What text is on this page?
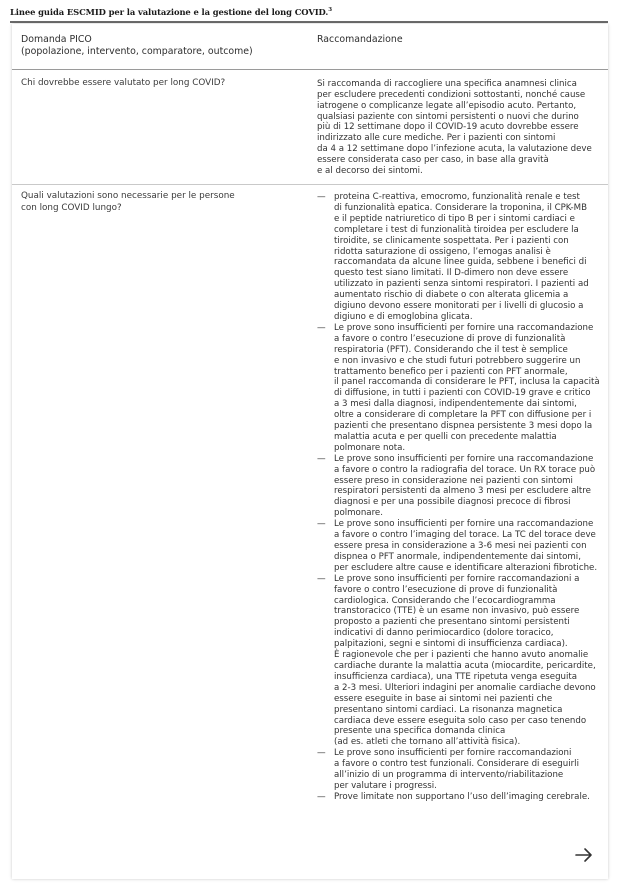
Linee guida ESCMID per la valutazione e la gestione del long COVID.$^3$
Domanda PICO
(popolazione, intervento, comparatore, outcome)
Raccomandazione
Chi dovrebbe essere valutato per long COVID?	Si raccomanda di raccogliere una specifica anamnesi clinica
per escludere precedenti condizioni sottostanti, nonché cause
iatrogene o complicanze legate all’episodio acuto. Pertanto,
qualsiasi paziente con sintomi persistenti o nuovi che durino
più di 12 settimane dopo il COVID-19 acuto dovrebbe essere
indirizzato alle cure mediche. Per i pazienti con sintomi
da 4 a 12 settimane dopo l’infezione acuta, la valutazione deve
essere considerata caso per caso, in base alla gravità
e al decorso dei sintomi.
Quali valutazioni sono necessarie per le persone
con long COVID lungo?
— proteina C-reattiva, emocromo, funzionalità renale e test
di funzionalità epatica. Considerare la troponina, il CPK-MB
e il peptide natriuretico di tipo B per i sintomi cardiaci e
completare i test di funzionalità tiroidea per escludere la
tiroidite, se clinicamente sospettata. Per i pazienti con
ridotta saturazione di ossigeno, l’emogas analisi è
raccomandata da alcune linee guida, sebbene i benefici di
questo test siano limitati. Il D-dimero non deve essere
utilizzato in pazienti senza sintomi respiratori. I pazienti ad
aumentato rischio di diabete o con alterata glicemia a
digiuno devono essere monitorati per i livelli di glucosio a
digiuno e di emoglobina glicata.
— Le prove sono insufficienti per fornire una raccomandazione
a favore o contro l’esecuzione di prove di funzionalità
respiratoria (PFT). Considerando che il test è semplice
e non invasivo e che studi futuri potrebbero suggerire un
trattamento benefico per i pazienti con PFT anormale,
il panel raccomanda di considerare le PFT, inclusa la capacità
di diffusione, in tutti i pazienti con COVID-19 grave e critico
a 3 mesi dalla diagnosi, indipendentemente dai sintomi,
oltre a considerare di completare la PFT con diffusione per i
pazienti che presentano dispnea persistente 3 mesi dopo la
malattia acuta e per quelli con precedente malattia
polmonare nota.
— Le prove sono insufficienti per fornire una raccomandazione
a favore o contro la radiografia del torace. Un RX torace può
essere preso in considerazione nei pazienti con sintomi
respiratori persistenti da almeno 3 mesi per escludere altre
diagnosi e per una possibile diagnosi precoce di fibrosi
polmonare.
— Le prove sono insufficienti per fornire una raccomandazione
a favore o contro l’imaging del torace. La TC del torace deve
essere presa in considerazione a 3-6 mesi nei pazienti con
dispnea o PFT anormale, indipendentemente dai sintomi,
per escludere altre cause e identificare alterazioni fibrotiche.
— Le prove sono insufficienti per fornire raccomandazioni a
favore o contro l’esecuzione di prove di funzionalità
cardiologica. Considerando che l’ecocardiogramma
transtoracico (TTE) è un esame non invasivo, può essere
proposto a pazienti che presentano sintomi persistenti
indicativi di danno perimiocardico (dolore toracico,
palpitazioni, segni e sintomi di insufficienza cardiaca).
È ragionevole che per i pazienti che hanno avuto anomalie
cardiache durante la malattia acuta (miocardite, pericardite,
insufficienza cardiaca), una TTE ripetuta venga eseguita
a 2-3 mesi. Ulteriori indagini per anomalie cardiache devono
essere eseguite in base ai sintomi nei pazienti che
presentano sintomi cardiaci. La risonanza magnetica
cardiaca deve essere eseguita solo caso per caso tenendo
presente una specifica domanda clinica
(ad es. atleti che tornano all’attività fisica).
— Le prove sono insufficienti per fornire raccomandazioni
a favore o contro test funzionali. Considerare di eseguirli
all’inizio di un programma di intervento/riabilitazione
per valutare i progressi.
— Prove limitate non supportano l’uso dell’imaging cerebrale.
